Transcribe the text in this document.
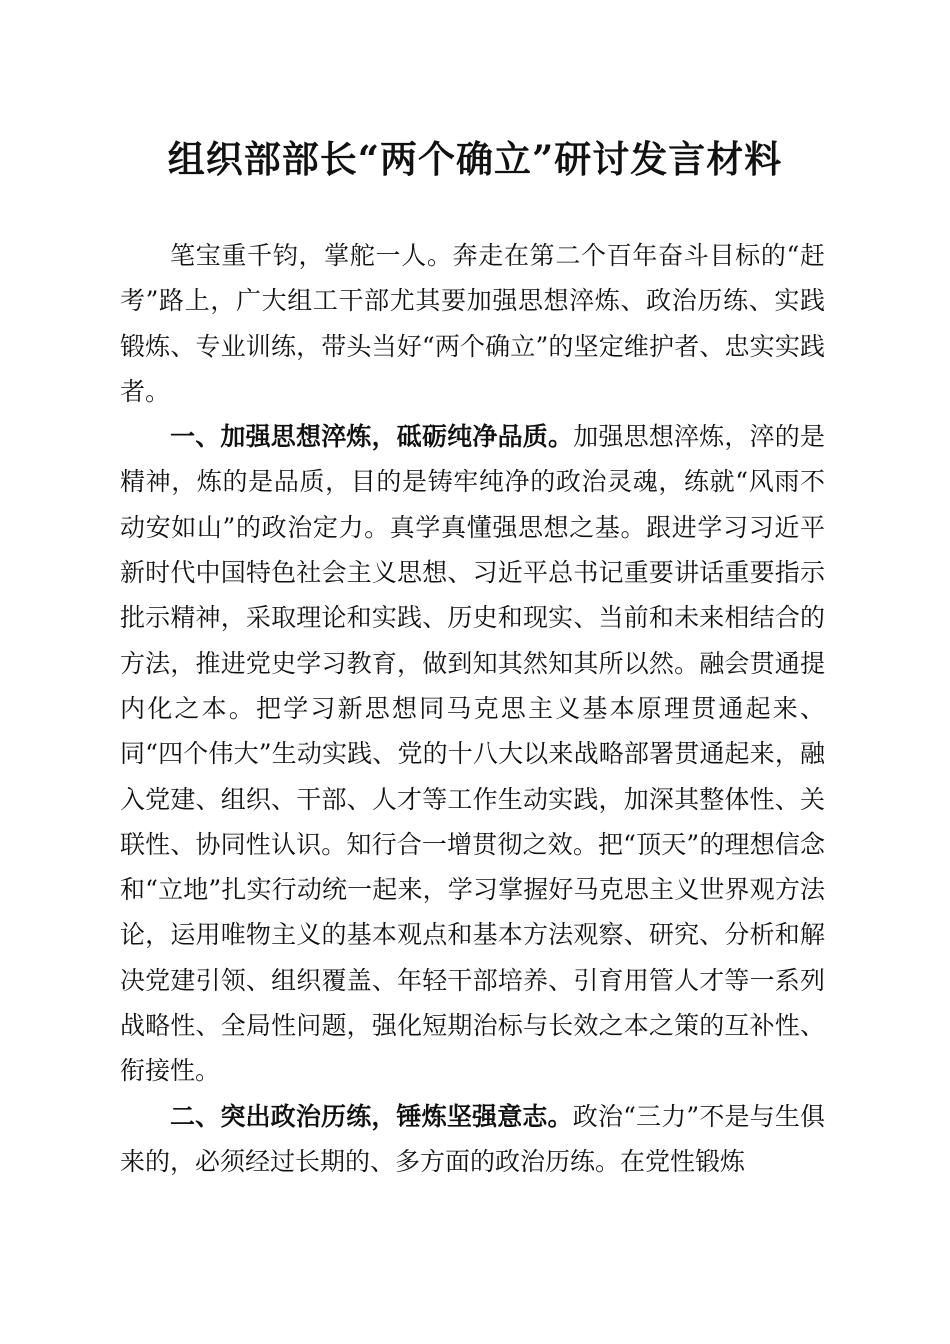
组织部部长“两个确立”研讨发言材料

笔宝重千钧，掌舵一人。奔走在第二个百年奋斗目标的“赶考”路上，广大组工干部尤其要加强思想淬炼、政治历练、实践锻炼、专业训练，带头当好“两个确立”的坚定维护者、忠实实践者。

一、加强思想淬炼，砥砺纯净品质。加强思想淬炼，淬的是精神，炼的是品质，目的是铸牢纯净的政治灵魂，练就“风雨不动安如山”的政治定力。真学真懂强思想之基。跟进学习习近平新时代中国特色社会主义思想、习近平总书记重要讲话重要指示批示精神，采取理论和实践、历史和现实、当前和未来相结合的方法，推进党史学习教育，做到知其然知其所以然。融会贯通提内化之本。把学习新思想同马克思主义基本原理贯通起来、同“四个伟大”生动实践、党的十八大以来战略部署贯通起来，融入党建、组织、干部、人才等工作生动实践，加深其整体性、关联性、协同性认识。知行合一增贯彻之效。把“顶天”的理想信念和“立地”扎实行动统一起来，学习掌握好马克思主义世界观方法论，运用唯物主义的基本观点和基本方法观察、研究、分析和解决党建引领、组织覆盖、年轻干部培养、引育用管人才等一系列战略性、全局性问题，强化短期治标与长效之本之策的互补性、衔接性。

二、突出政治历练，锤炼坚强意志。政治“三力”不是与生俱来的，必须经过长期的、多方面的政治历练。在党性锻炼
